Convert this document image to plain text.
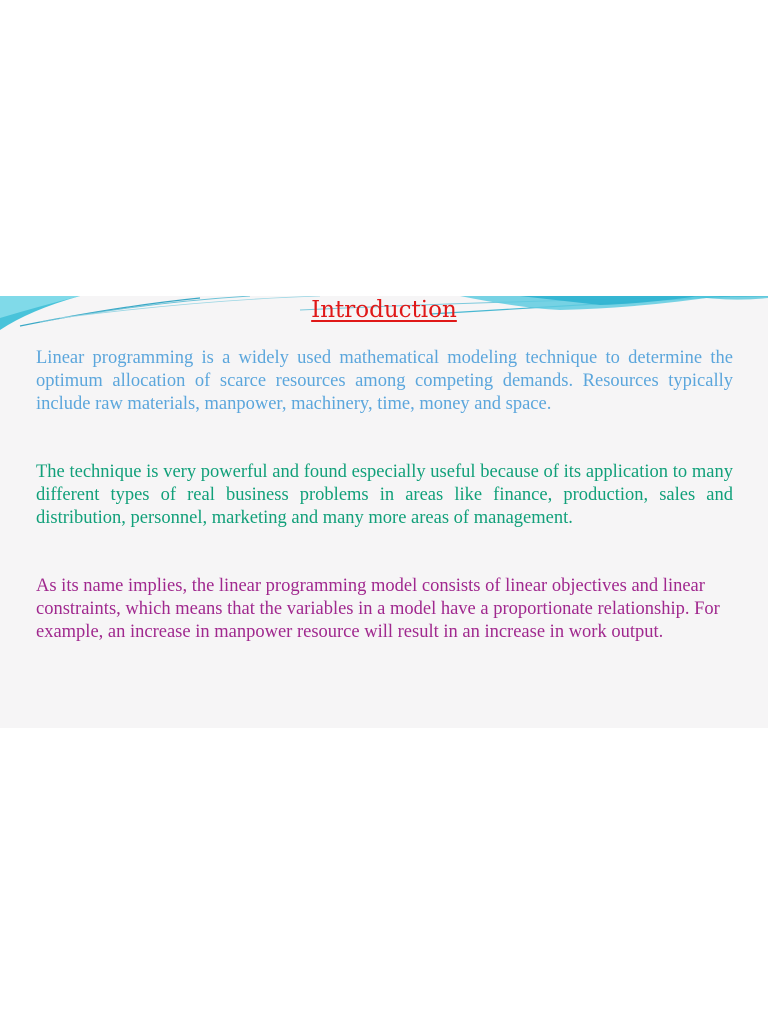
Introduction

Linear programming is a widely used mathematical modeling technique to determine the optimum allocation of scarce resources among competing demands. Resources typically include raw materials, manpower, machinery, time, money and space.

The technique is very powerful and found especially useful because of its application to many different types of real business problems in areas like finance, production, sales and distribution, personnel, marketing and many more areas of management.

As its name implies, the linear programming model consists of linear objectives and linear constraints, which means that the variables in a model have a proportionate relationship. For example, an increase in manpower resource will result in an increase in work output.
